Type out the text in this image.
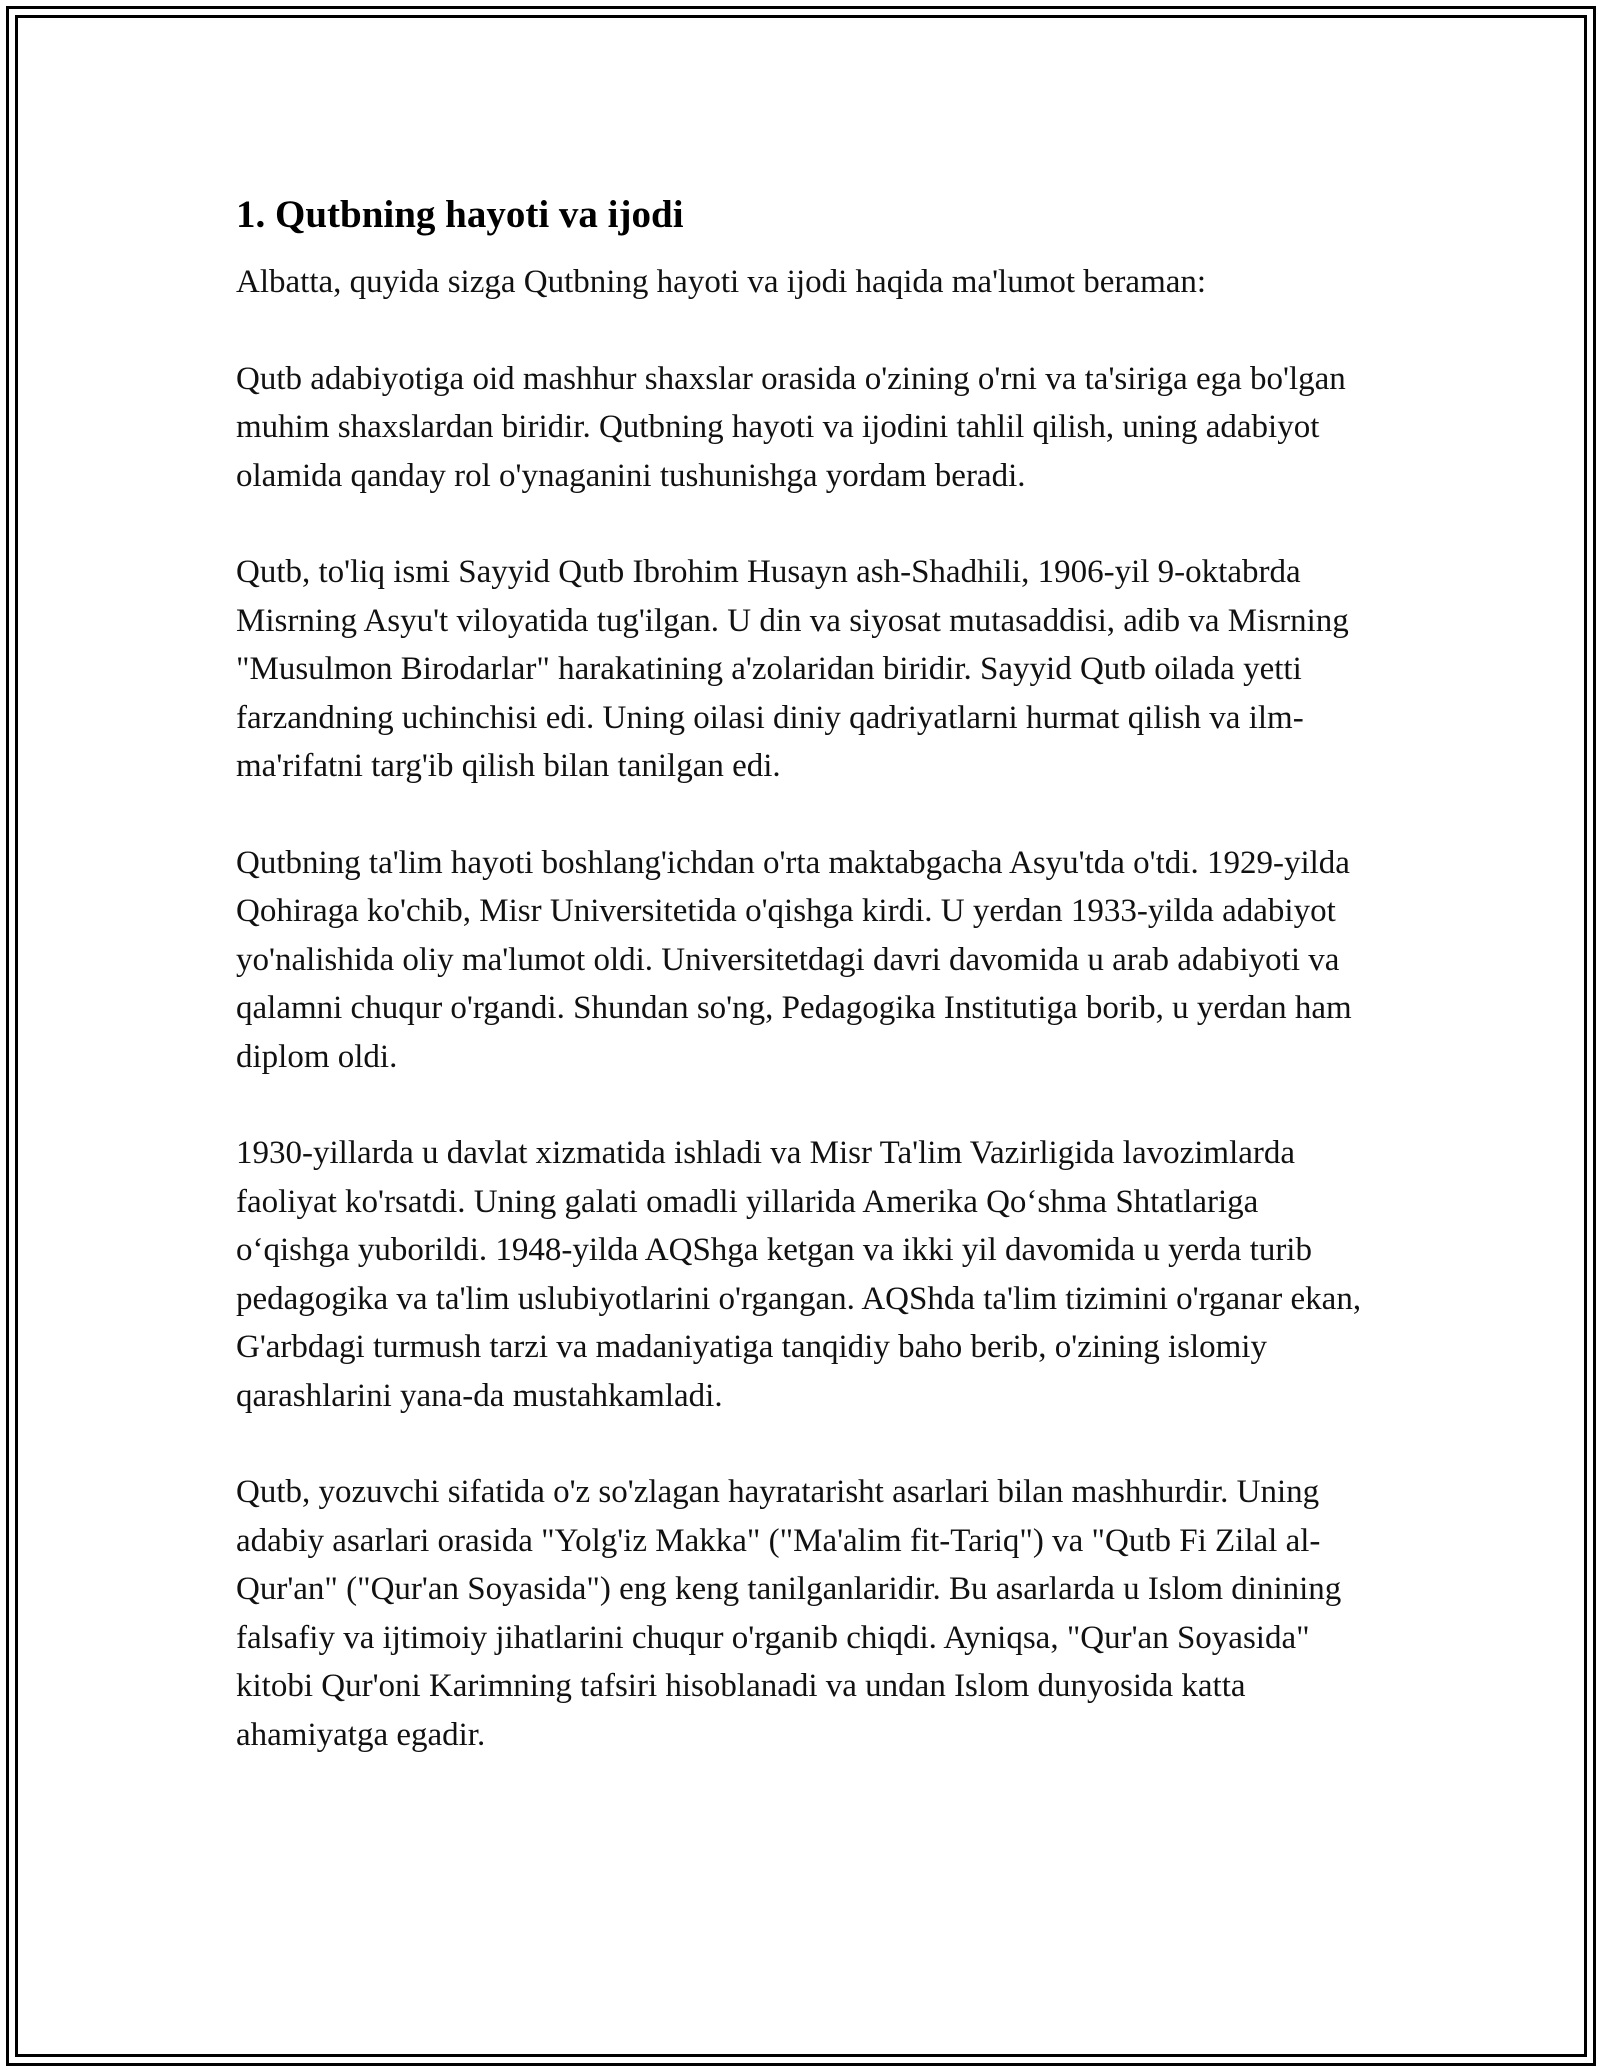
1. Qutbning hayoti va ijodi

Albatta, quyida sizga Qutbning hayoti va ijodi haqida ma'lumot beraman:

Qutb adabiyotiga oid mashhur shaxslar orasida o'zining o'rni va ta'siriga ega bo'lgan muhim shaxslardan biridir. Qutbning hayoti va ijodini tahlil qilish, uning adabiyot olamida qanday rol o'ynaganini tushunishga yordam beradi.

Qutb, to'liq ismi Sayyid Qutb Ibrohim Husayn ash-Shadhili, 1906-yil 9-oktabrda Misrning Asyu't viloyatida tug'ilgan. U din va siyosat mutasaddisi, adib va Misrning "Musulmon Birodarlar" harakatining a'zolaridan biridir. Sayyid Qutb oilada yetti farzandning uchinchisi edi. Uning oilasi diniy qadriyatlarni hurmat qilish va ilm-ma'rifatni targ'ib qilish bilan tanilgan edi.

Qutbning ta'lim hayoti boshlang'ichdan o'rta maktabgacha Asyu'tda o'tdi. 1929-yilda Qohiraga ko'chib, Misr Universitetida o'qishga kirdi. U yerdan 1933-yilda adabiyot yo'nalishida oliy ma'lumot oldi. Universitetdagi davri davomida u arab adabiyoti va qalamni chuqur o'rgandi. Shundan so'ng, Pedagogika Institutiga borib, u yerdan ham diplom oldi.

1930-yillarda u davlat xizmatida ishladi va Misr Ta'lim Vazirligida lavozimlarda faoliyat ko'rsatdi. Uning galati omadli yillarida Amerika Qo‘shma Shtatlariga o‘qishga yuborildi. 1948-yilda AQShga ketgan va ikki yil davomida u yerda turib pedagogika va ta'lim uslubiyotlarini o'rgangan. AQShda ta'lim tizimini o'rganar ekan, G'arbdagi turmush tarzi va madaniyatiga tanqidiy baho berib, o'zining islomiy qarashlarini yana-da mustahkamladi.

Qutb, yozuvchi sifatida o'z so'zlagan hayratarisht asarlari bilan mashhurdir. Uning adabiy asarlari orasida "Yolg'iz Makka" ("Ma'alim fit-Tariq") va "Qutb Fi Zilal al-Qur'an" ("Qur'an Soyasida") eng keng tanilganlaridir. Bu asarlarda u Islom dinining falsafiy va ijtimoiy jihatlarini chuqur o'rganib chiqdi. Ayniqsa, "Qur'an Soyasida" kitobi Qur'oni Karimning tafsiri hisoblanadi va undan Islom dunyosida katta ahamiyatga egadir.
